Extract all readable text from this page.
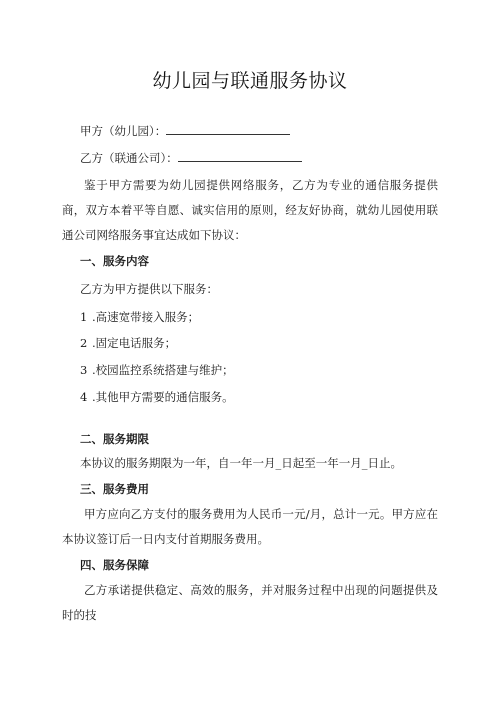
幼儿园与联通服务协议
甲方（幼儿园）：
乙方（联通公司）：
鉴于甲方需要为幼儿园提供网络服务，乙方为专业的通信服务提供商，双方本着平等自愿、诚实信用的原则，经友好协商，就幼儿园使用联通公司网络服务事宜达成如下协议：
一、服务内容
乙方为甲方提供以下服务：
1 .高速宽带接入服务；
2 .固定电话服务；
3 .校园监控系统搭建与维护；
4 .其他甲方需要的通信服务。
二、服务期限
本协议的服务期限为一年，自一年一月_日起至一年一月_日止。
三、服务费用
甲方应向乙方支付的服务费用为人民币一元/月，总计一元。甲方应在本协议签订后一日内支付首期服务费用。
四、服务保障
乙方承诺提供稳定、高效的服务，并对服务过程中出现的问题提供及时的技
